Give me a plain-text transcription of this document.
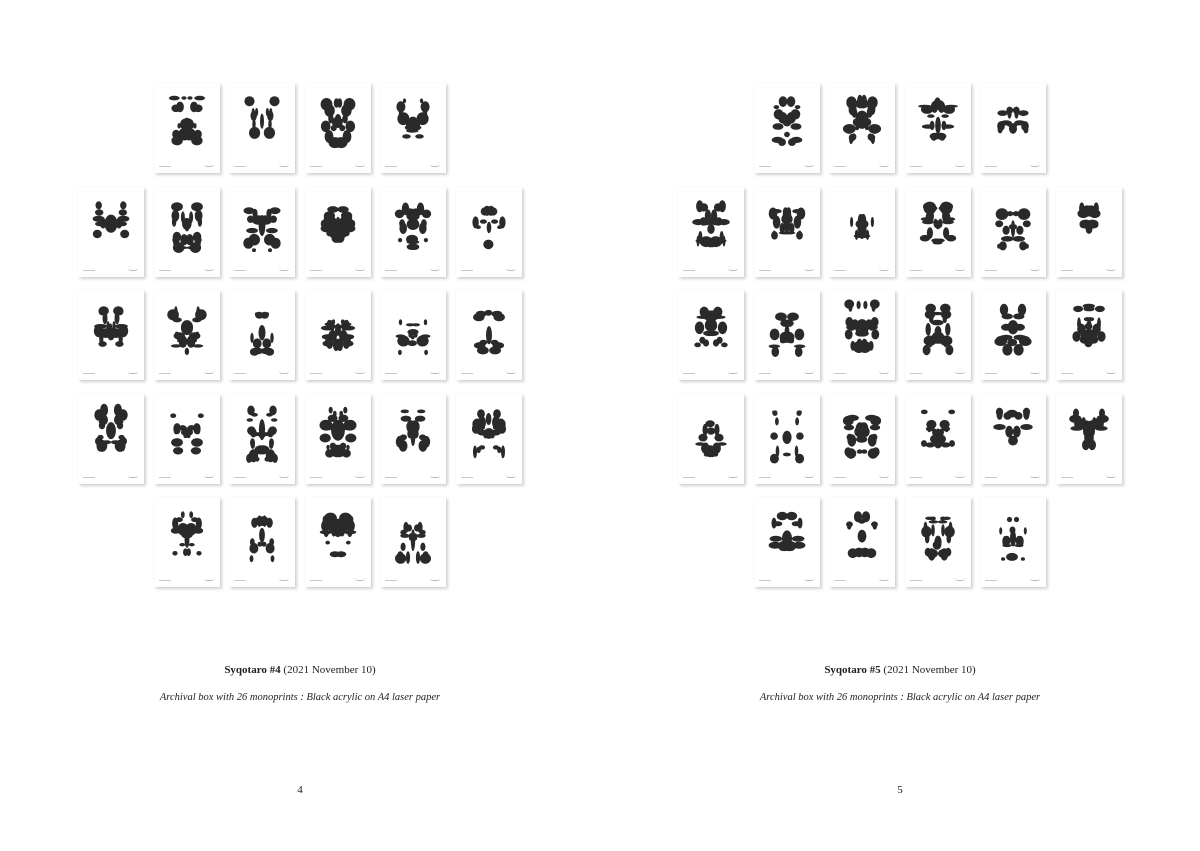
Syqotaro #4 (2021 November 10)
Archival box with 26 monoprints : Black acrylic on A4 laser paper
4
Syqotaro #5 (2021 November 10)
Archival box with 26 monoprints : Black acrylic on A4 laser paper
5
